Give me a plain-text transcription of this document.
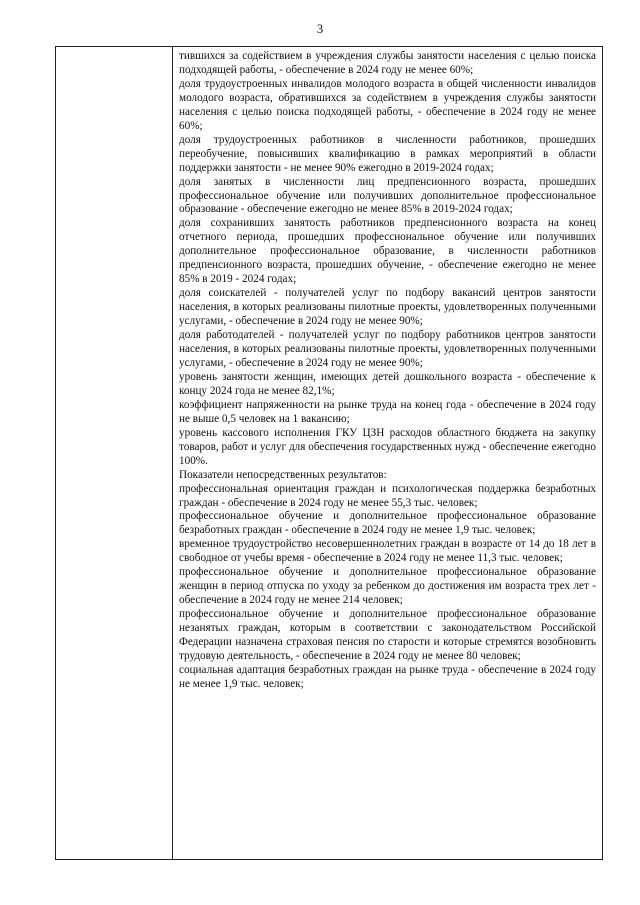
3

тившихся за содействием в учреждения службы занятости населения с целью поиска подходящей работы, - обеспечение в 2024 году не менее 60%;

доля трудоустроенных инвалидов молодого возраста в общей численности инвалидов молодого возраста, обратившихся за содействием в учреждения службы занятости населения с целью поиска подходящей работы, - обеспечение в 2024 году не менее 60%;

доля трудоустроенных работников в численности работников, прошедших переобучение, повысивших квалификацию в рамках мероприятий в области поддержки занятости - не менее 90% ежегодно в 2019-2024 годах;

доля занятых в численности лиц предпенсионного возраста, прошедших профессиональное обучение или получивших дополнительное профессиональное образование - обеспечение ежегодно не менее 85% в 2019-2024 годах;

доля сохранивших занятость работников предпенсионного возраста на конец отчетного периода, прошедших профессиональное обучение или получивших дополнительное профессиональное образование, в численности работников предпенсионного возраста, прошедших обучение, - обеспечение ежегодно не менее 85% в 2019 - 2024 годах;

доля соискателей - получателей услуг по подбору вакансий центров занятости населения, в которых реализованы пилотные проекты, удовлетворенных полученными услугами, - обеспечение в 2024 году не менее 90%;

доля работодателей - получателей услуг по подбору работников центров занятости населения, в которых реализованы пилотные проекты, удовлетворенных полученными услугами, - обеспечение в 2024 году не менее 90%;

уровень занятости женщин, имеющих детей дошкольного возраста - обеспечение к концу 2024 года не менее 82,1%;

коэффициент напряженности на рынке труда на конец года - обеспечение в 2024 году не выше 0,5 человек на 1 вакансию;

уровень кассового исполнения ГКУ ЦЗН расходов областного бюджета на закупку товаров, работ и услуг для обеспечения государственных нужд - обеспечение ежегодно 100%.

Показатели непосредственных результатов:

профессиональная ориентация граждан и психологическая поддержка безработных граждан - обеспечение в 2024 году не менее 55,3 тыс. человек;

профессиональное обучение и дополнительное профессиональное образование безработных граждан - обеспечение в 2024 году не менее 1,9 тыс. человек;

временное трудоустройство несовершеннолетних граждан в возрасте от 14 до 18 лет в свободное от учебы время - обеспечение в 2024 году не менее 11,3 тыс. человек;

профессиональное обучение и дополнительное профессиональное образование женщин в период отпуска по уходу за ребенком до достижения им возраста трех лет - обеспечение в 2024 году не менее 214 человек;

профессиональное обучение и дополнительное профессиональное образование незанятых граждан, которым в соответствии с законодательством Российской Федерации назначена страховая пенсия по старости и которые стремятся возобновить трудовую деятельность, - обеспечение в 2024 году не менее 80 человек;

социальная адаптация безработных граждан на рынке труда - обеспечение в 2024 году не менее 1,9 тыс. человек;
